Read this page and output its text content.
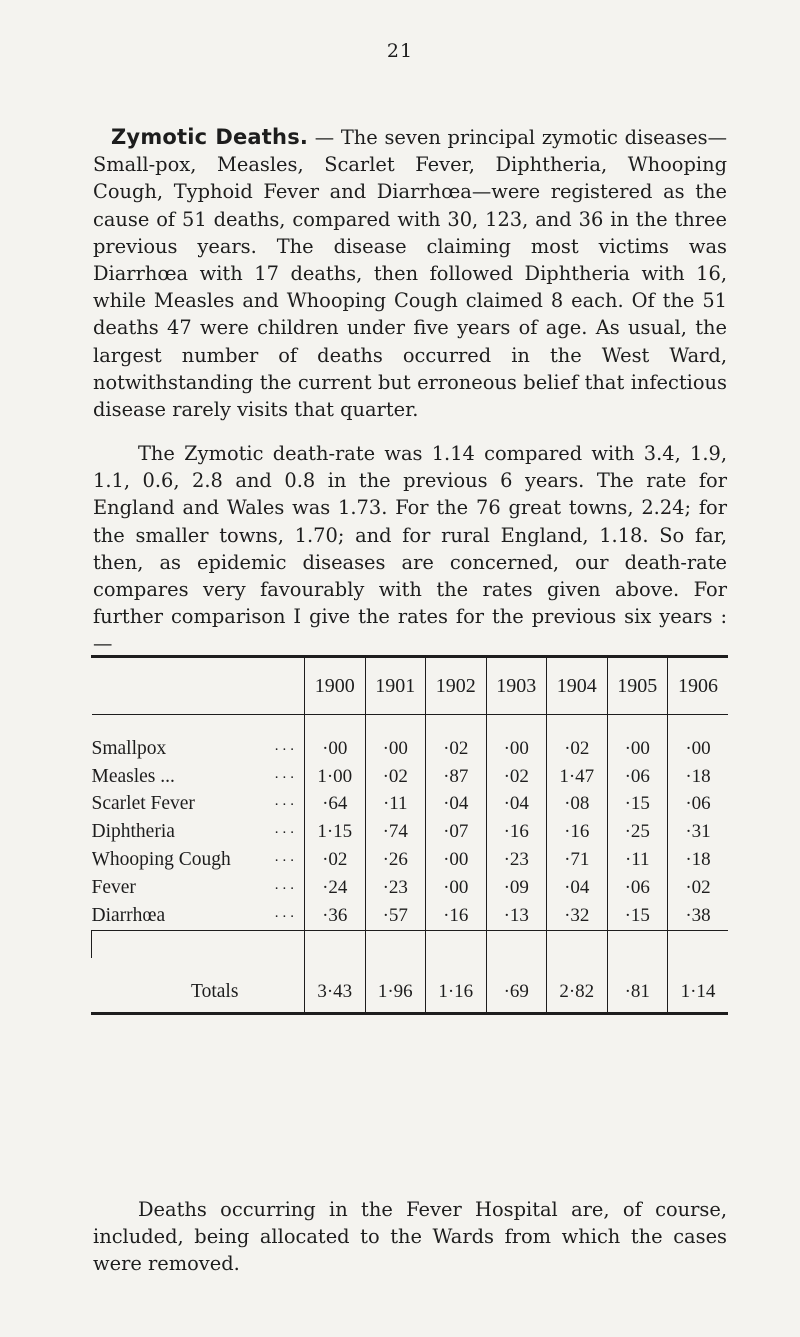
21

Zymotic Deaths. — The seven principal zymotic diseases—Small-pox, Measles, Scarlet Fever, Diphtheria, Whooping Cough, Typhoid Fever and Diarrhœa—were registered as the cause of 51 deaths, compared with 30, 123, and 36 in the three previous years. The disease claiming most victims was Diarrhœa with 17 deaths, then followed Diphtheria with 16, while Measles and Whooping Cough claimed 8 each. Of the 51 deaths 47 were children under five years of age. As usual, the largest number of deaths occurred in the West Ward, notwithstanding the current but erroneous belief that infectious disease rarely visits that quarter.

The Zymotic death-rate was 1.14 compared with 3.4, 1.9, 1.1, 0.6, 2.8 and 0.8 in the previous 6 years. The rate for England and Wales was 1.73. For the 76 great towns, 2.24; for the smaller towns, 1.70; and for rural England, 1.18. So far, then, as epidemic diseases are concerned, our death-rate compares very favourably with the rates given above. For further comparison I give the rates for the previous six years : —

	1900	1901	1902	1903	1904	1905	1906

Smallpox ...	·00	·00	·02	·00	·02	·00	·00
Measles ... ...	1·00	·02	·87	·02	1·47	·06	·18
Scarlet Fever ...	·64	·11	·04	·04	·08	·15	·06
Diphtheria ...	1·15	·74	·07	·16	·16	·25	·31
Whooping Cough ...	·02	·26	·00	·23	·71	·11	·18
Fever ...	·24	·23	·00	·09	·04	·06	·02
Diarrhœa ...	·36	·57	·16	·13	·32	·15	·38

Totals	3·43	1·96	1·16	·69	2·82	·81	1·14

Deaths occurring in the Fever Hospital are, of course, included, being allocated to the Wards from which the cases were removed.
